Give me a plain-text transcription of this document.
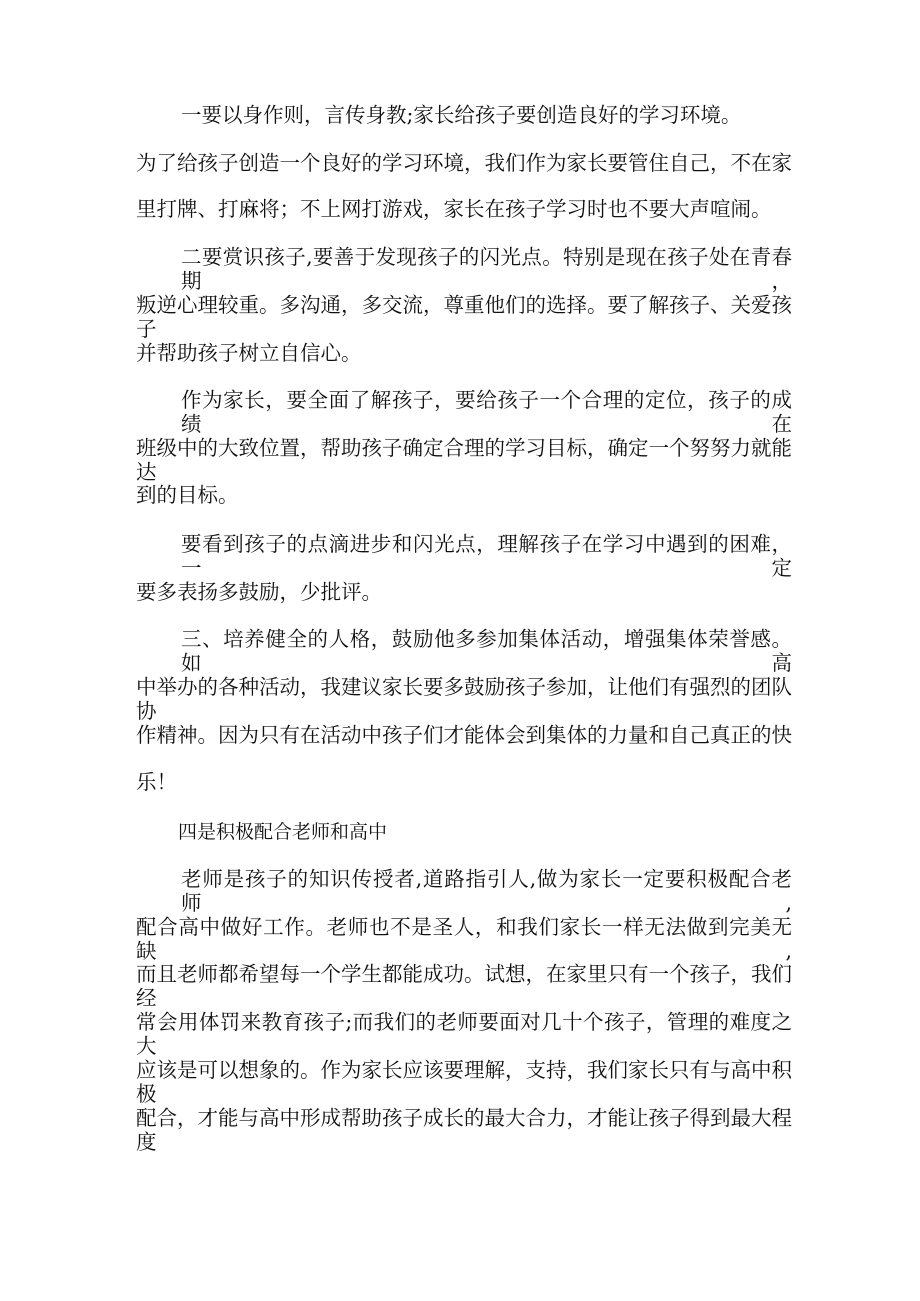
一要以身作则，言传身教;家长给孩子要创造良好的学习环境。
为了给孩子创造一个良好的学习环境，我们作为家长要管住自己，不在家
里打牌、打麻将；不上网打游戏，家长在孩子学习时也不要大声喧闹。
二要赏识孩子,要善于发现孩子的闪光点。特别是现在孩子处在青春期，
叛逆心理较重。多沟通，多交流，尊重他们的选择。要了解孩子、关爱孩子
并帮助孩子树立自信心。
作为家长，要全面了解孩子，要给孩子一个合理的定位，孩子的成绩在
班级中的大致位置，帮助孩子确定合理的学习目标，确定一个努努力就能达
到的目标。
要看到孩子的点滴进步和闪光点，理解孩子在学习中遇到的困难，一定
要多表扬多鼓励，少批评。
三、培养健全的人格，鼓励他多参加集体活动，增强集体荣誉感。如高
中举办的各种活动，我建议家长要多鼓励孩子参加，让他们有强烈的团队协
作精神。因为只有在活动中孩子们才能体会到集体的力量和自己真正的快
乐！
四是积极配合老师和高中
老师是孩子的知识传授者,道路指引人,做为家长一定要积极配合老师,
配合高中做好工作。老师也不是圣人，和我们家长一样无法做到完美无缺,
而且老师都希望每一个学生都能成功。试想，在家里只有一个孩子，我们经
常会用体罚来教育孩子;而我们的老师要面对几十个孩子，管理的难度之大
应该是可以想象的。作为家长应该要理解，支持，我们家长只有与高中积极
配合，才能与高中形成帮助孩子成长的最大合力，才能让孩子得到最大程度
